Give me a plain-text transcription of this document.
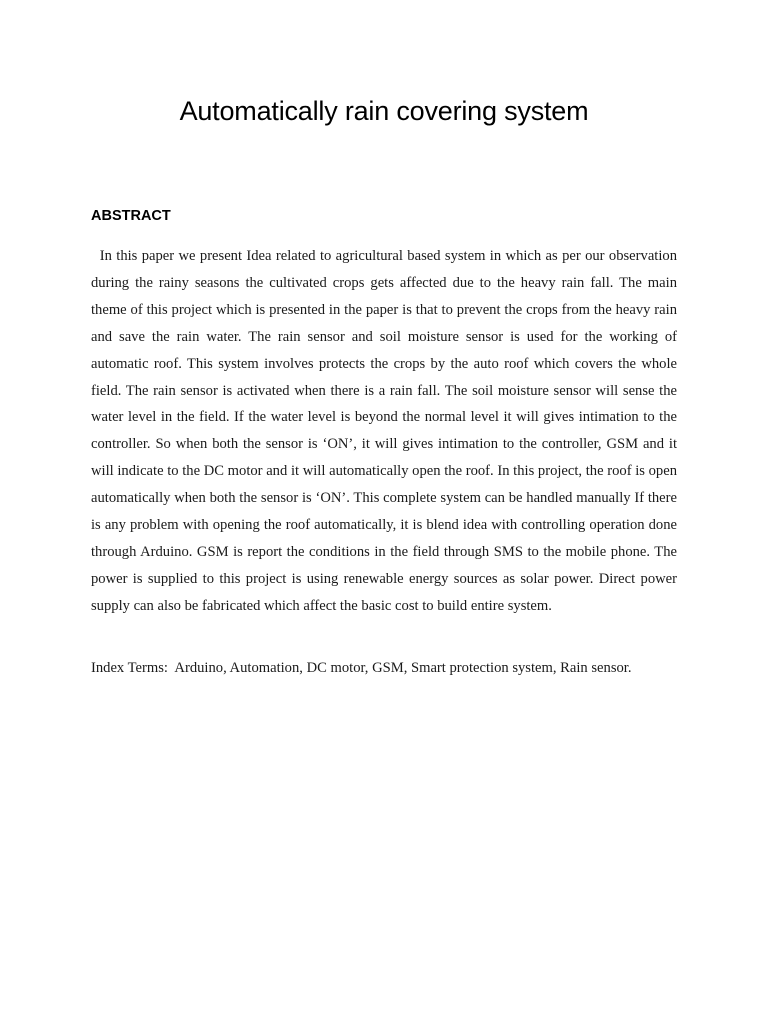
Automatically rain covering system
ABSTRACT

In this paper we present Idea related to agricultural based system in which as per our observation during the rainy seasons the cultivated crops gets affected due to the heavy rain fall. The main theme of this project which is presented in the paper is that to prevent the crops from the heavy rain and save the rain water. The rain sensor and soil moisture sensor is used for the working of automatic roof. This system involves protects the crops by the auto roof which covers the whole field. The rain sensor is activated when there is a rain fall. The soil moisture sensor will sense the water level in the field. If the water level is beyond the normal level it will gives intimation to the controller. So when both the sensor is ‘ON’, it will gives intimation to the controller, GSM and it will indicate to the DC motor and it will automatically open the roof. In this project, the roof is open automatically when both the sensor is ‘ON’. This complete system can be handled manually If there is any problem with opening the roof automatically, it is blend idea with controlling operation done through Arduino. GSM is report the conditions in the field through SMS to the mobile phone. The power is supplied to this project is using renewable energy sources as solar power. Direct power supply can also be fabricated which affect the basic cost to build entire system.

Index Terms:  Arduino, Automation, DC motor, GSM, Smart protection system, Rain sensor.
